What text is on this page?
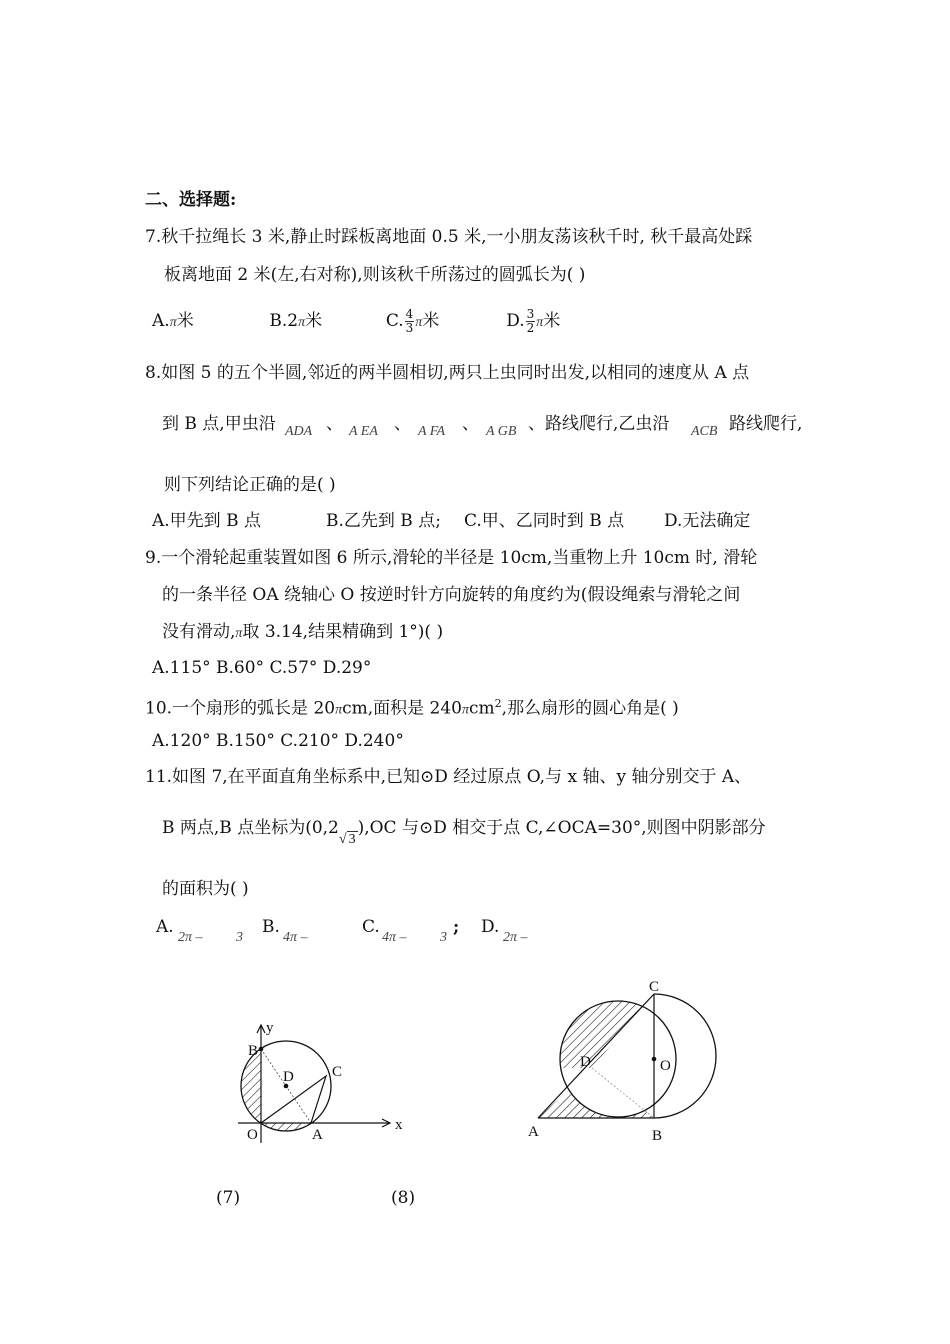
二、选择题:
7.秋千拉绳长 3 米,静止时踩板离地面 0.5 米,一小朋友荡该秋千时, 秋千最高处踩
板离地面 2 米(左,右对称),则该秋千所荡过的圆弧长为( )
A.π米	B.2π米	C. $\frac{4}{3}$ π米	D. $\frac{3}{2}$ π米
8.如图 5 的五个半圆,邻近的两半圆相切,两只上虫同时出发,以相同的速度从 A 点
到 B 点,甲虫沿 ADA 、 A EA 、 A FA 、 A GB 、路线爬行,乙虫沿 ACB 路线爬行,
则下列结论正确的是( )
A.甲先到 B 点	B.乙先到 B 点; C.甲、乙同时到 B 点 D.无法确定
9.一个滑轮起重装置如图 6 所示,滑轮的半径是 10cm,当重物上升 10cm 时, 滑轮
的一条半径 OA 绕轴心 O 按逆时针方向旋转的角度约为(假设绳索与滑轮之间
没有滑动,π取 3.14,结果精确到 1°)( )
A.115° B.60° C.57° D.29°
10.一个扇形的弧长是 20πcm,面积是 240πcm$^2$,那么扇形的圆心角是( )
A.120° B.150° C.210° D.240°
11.如图 7,在平面直角坐标系中,已知⊙D 经过原点 O,与 x 轴、y 轴分别交于 A、
B 两点,B 点坐标为$(0,2_{√ 3}),OC$ 与⊙D 相交于点 C,∠OCA=30°,则图中阴影部分
的面积为( )
A.
2π – 3
B.
4π –
C.
4π – 3
; D.
2π –
y
x
B
D	C
O	A
C
D	O
A	B
(7)	(8)
